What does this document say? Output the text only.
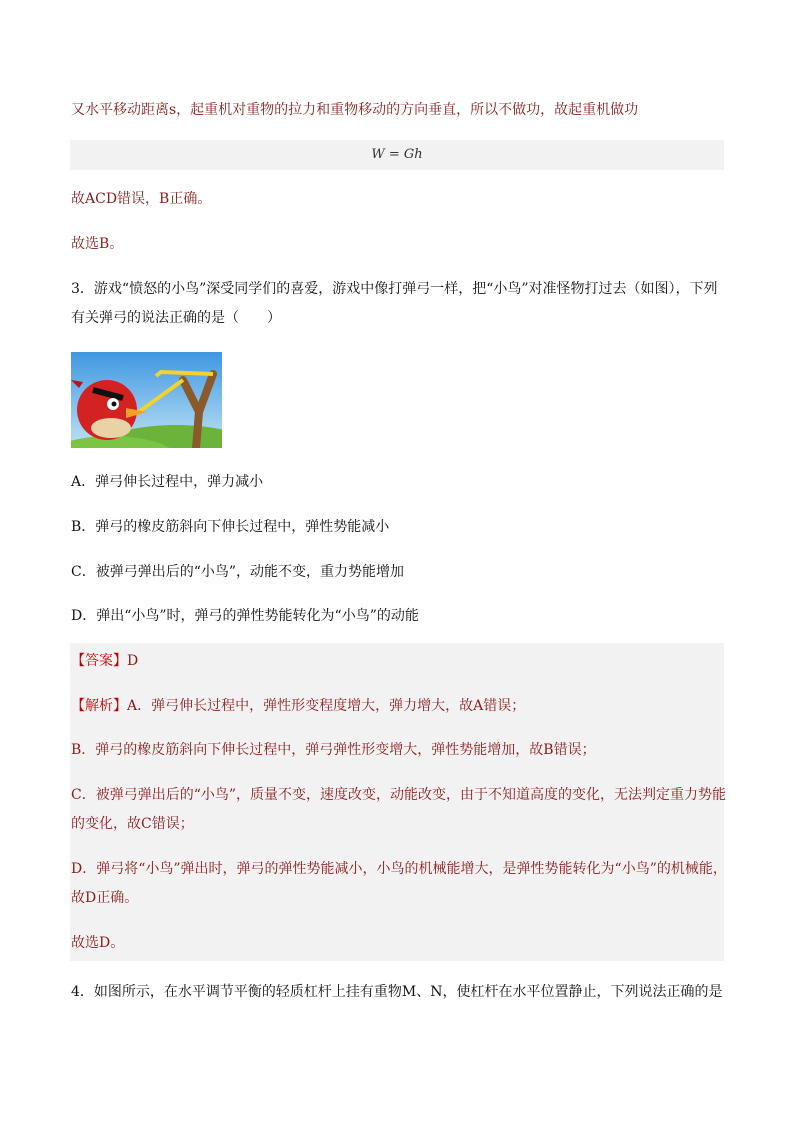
又水平移动距离s，起重机对重物的拉力和重物移动的方向垂直，所以不做功，故起重机做功
W = Gh
故ACD错误，B正确。
故选B。
3．游戏“愤怒的小鸟”深受同学们的喜爱，游戏中像打弹弓一样，把“小鸟”对准怪物打过去（如图），下列
有关弹弓的说法正确的是（　　）
A．弹弓伸长过程中，弹力减小
B．弹弓的橡皮筋斜向下伸长过程中，弹性势能减小
C．被弹弓弹出后的“小鸟”，动能不变，重力势能增加
D．弹出“小鸟”时，弹弓的弹性势能转化为“小鸟”的动能
【答案】D
【解析】A．弹弓伸长过程中，弹性形变程度增大，弹力增大，故A错误；
B．弹弓的橡皮筋斜向下伸长过程中，弹弓弹性形变增大，弹性势能增加，故B错误；
C．被弹弓弹出后的“小鸟”，质量不变，速度改变，动能改变，由于不知道高度的变化，无法判定重力势能
的变化，故C错误；
D．弹弓将“小鸟”弹出时，弹弓的弹性势能减小，小鸟的机械能增大，是弹性势能转化为“小鸟”的机械能，
故D正确。
故选D。
4．如图所示，在水平调节平衡的轻质杠杆上挂有重物M、N，使杠杆在水平位置静止，下列说法正确的是
